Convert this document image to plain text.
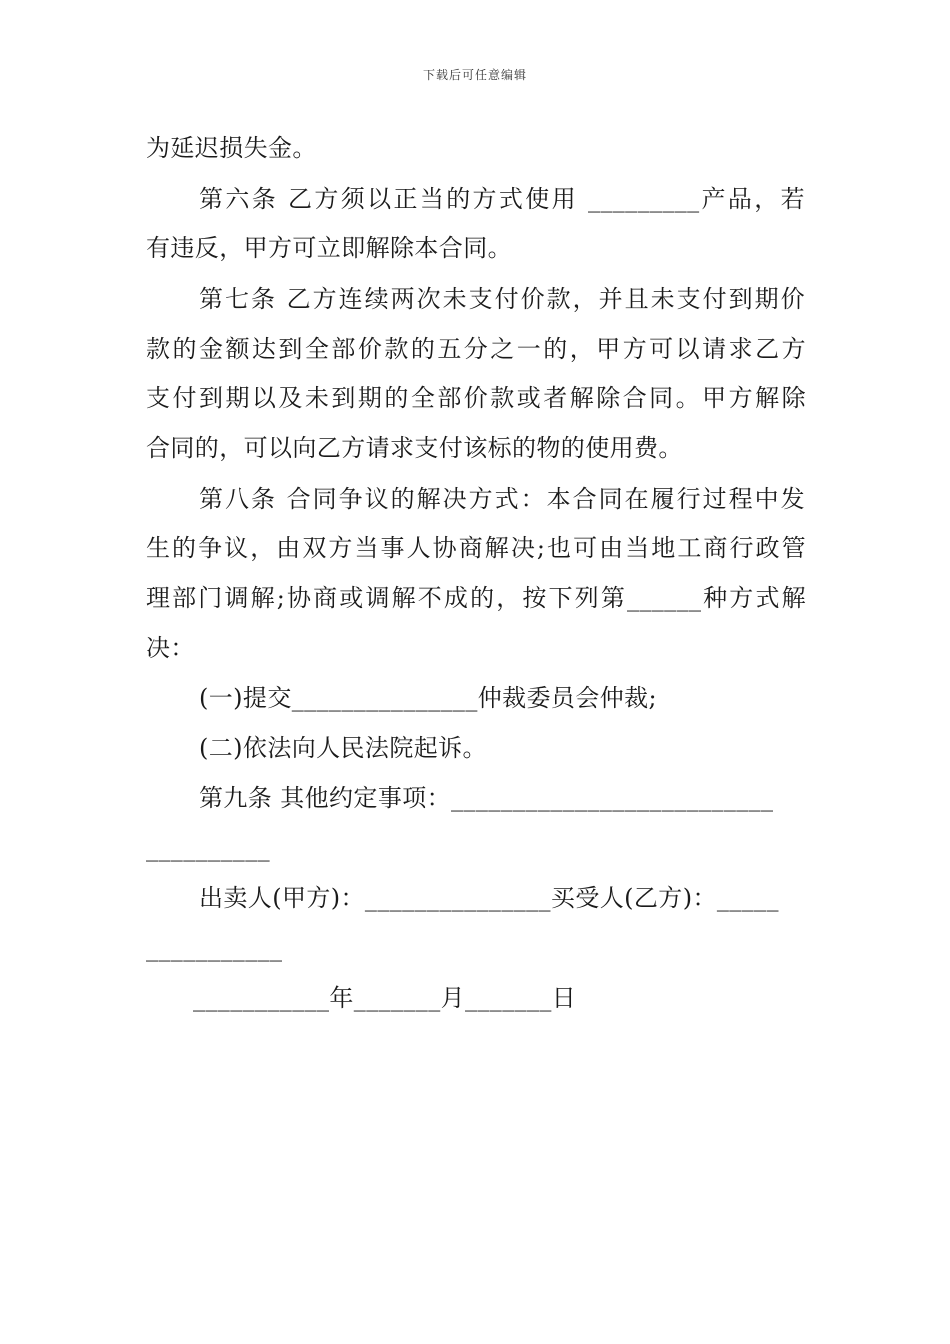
下载后可任意编辑
为延迟损失金。
第六条 乙方须以正当的方式使用 _________产品，若
有违反，甲方可立即解除本合同。
第七条 乙方连续两次未支付价款，并且未支付到期价
款的金额达到全部价款的五分之一的，甲方可以请求乙方
支付到期以及未到期的全部价款或者解除合同。甲方解除
合同的，可以向乙方请求支付该标的物的使用费。
第八条 合同争议的解决方式：本合同在履行过程中发
生的争议，由双方当事人协商解决;也可由当地工商行政管
理部门调解;协商或调解不成的，按下列第______种方式解
决：
(一)提交_______________仲裁委员会仲裁;
(二)依法向人民法院起诉。
第九条 其他约定事项：__________________________
__________
出卖人(甲方)：_______________买受人(乙方)：_____
___________
___________年_______月_______日
